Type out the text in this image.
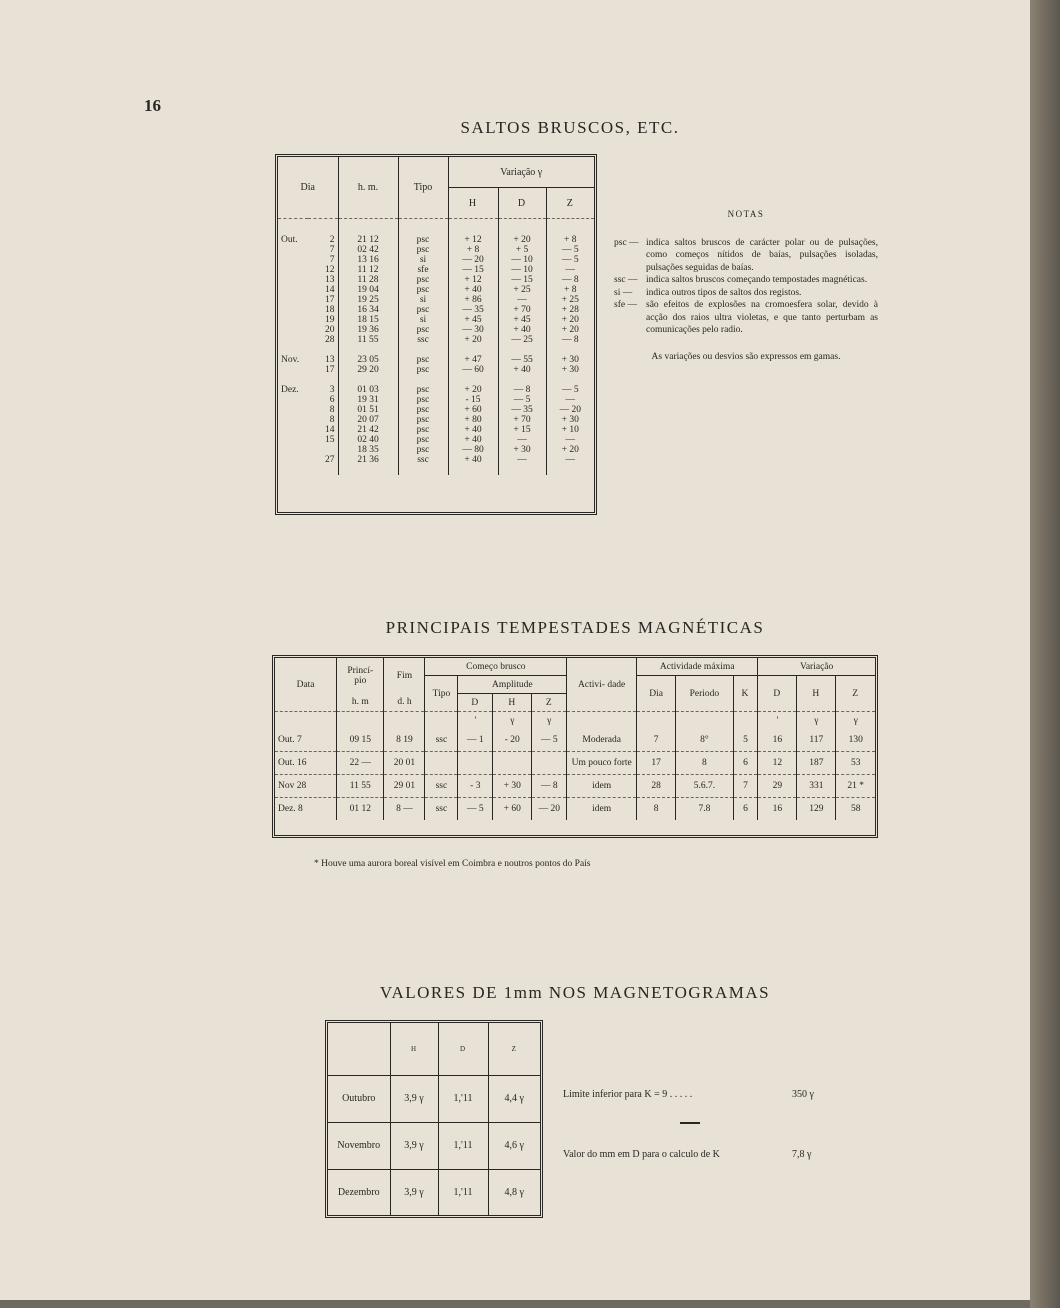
16
SALTOS BRUSCOS, ETC.
Dia		h. m.	Tipo	Variação γ		
				H	D	Z

Out.	2	21 12	psc	+ 12	+ 20	+ 8
	7	02 42	psc	+ 8	+ 5	— 5
	7	13 16	si	— 20	— 10	— 5
	12	11 12	sfe	— 15	— 10	—
	13	11 28	psc	+ 12	— 15	— 8
	14	19 04	psc	+ 40	+ 25	+ 8
	17	19 25	si	+ 86	—	+ 25
	18	16 34	psc	— 35	+ 70	+ 28
	19	18 15	si	+ 45	+ 45	+ 20
	20	19 36	psc	— 30	+ 40	+ 20
	28	11 55	ssc	+ 20	— 25	— 8

Nov.	13	23 05	psc	+ 47	— 55	+ 30
	17	29 20	psc	— 60	+ 40	+ 30

Dez.	3	01 03	psc	+ 20	— 8	— 5
	6	19 31	psc	- 15	— 5	—
	8	01 51	psc	+ 60	— 35	— 20
	8	20 07	psc	+ 80	+ 70	+ 30
	14	21 42	psc	+ 40	+ 15	+ 10
	15	02 40	psc	+ 40	—	—
		18 35	psc	— 80	+ 30	+ 20
	27	21 36	ssc	+ 40	—	—

NOTAS
psc — indica saltos bruscos de carácter polar ou de pulsações, como começos nítidos de baías, pulsações isoladas, pulsações seguidas de baías.
ssc — indica saltos bruscos começando tempostades magnéticas.
si —	indica outros tipos de saltos dos registos.
sfe — são efeitos de explosões na cromoesfera solar, devido à acção dos raios ultra violetas, e que tanto perturbam as comunicações pelo radio.
As variações ou desvios são expressos em gamas.
PRINCIPAIS TEMPESTADES MAGNÉTICAS
Data	Princí- pio	Fim	Começo brusco				Activi- dade	Actividade máxima			Variação		
			Tipo	Amplitude				Dia	Periodo	K	D	H	Z
	h. m	d. h		D	H	Z							
				'	γ	γ					'	γ	γ
Out. 7	09 15	8 19	ssc	— 1	- 20	— 5	Moderada	7	8°	5	16	117	130
Out. 16	22 —	20 01					Um pouco forte	17	8	6	12	187	53
Nov 28	11 55	29 01	ssc	- 3	+ 30	— 8	idem	28	5.6.7.	7	29	331	21 *
Dez. 8	01 12	8 —	ssc	— 5	+ 60	— 20	idem	8	7.8	6	16	129	58
* Houve uma aurora boreal visível em Coimbra e noutros pontos do País
VALORES DE 1mm NOS MAGNETOGRAMAS
	H	D	Z
Outubro	3,9 γ	1,'11	4,4 γ
Novembro	3,9 γ	1,'11	4,6 γ
Dezembro	3,9 γ	1,'11	4,8 γ
Limite inferior para K = 9 . . . . .	350 γ
Valor do mm em D para o calculo de K	7,8 γ
